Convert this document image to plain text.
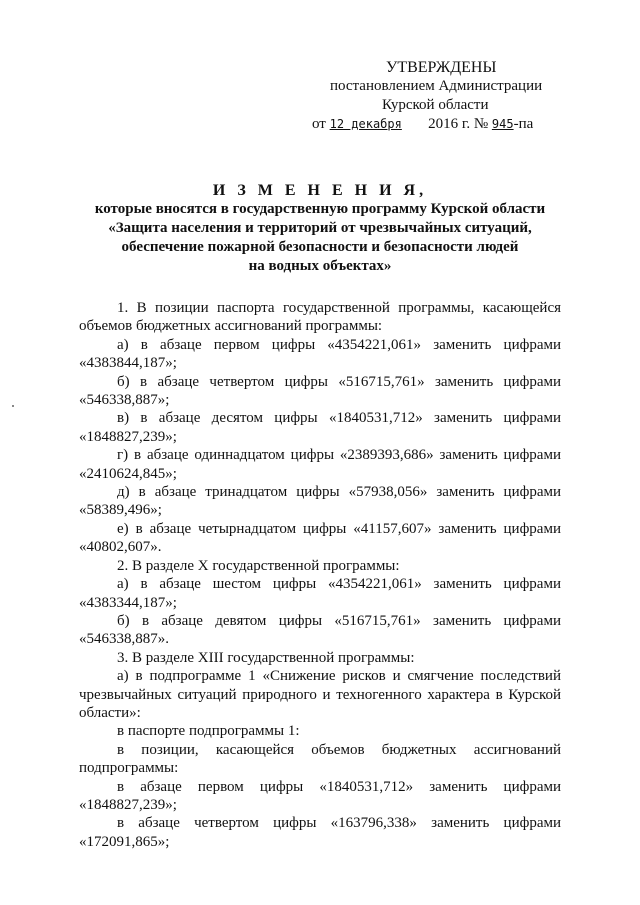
УТВЕРЖДЕНЫ
постановлением Администрации
Курской области
от 12 декабря 2016 г. № 945-па
И З М Е Н Е Н И Я,
которые вносятся в государственную программу Курской области
«Защита населения и территорий от чрезвычайных ситуаций,
обеспечение пожарной безопасности и безопасности людей
на водных объектах»

1. В позиции паспорта государственной программы, касающейся

объемов бюджетных ассигнований программы:

а) в абзаце первом цифры «4354221,061» заменить цифрами

«4383844,187»;

б) в абзаце четвертом цифры «516715,761» заменить цифрами

«546338,887»;

в) в абзаце десятом цифры «1840531,712» заменить цифрами

«1848827,239»;

г) в абзаце одиннадцатом цифры «2389393,686» заменить цифрами

«2410624,845»;

д) в абзаце тринадцатом цифры «57938,056» заменить цифрами

«58389,496»;

е) в абзаце четырнадцатом цифры «41157,607» заменить цифрами

«40802,607».

2. В разделе X государственной программы:

а) в абзаце шестом цифры «4354221,061» заменить цифрами

«4383344,187»;

б) в абзаце девятом цифры «516715,761» заменить цифрами

«546338,887».

3. В разделе XIII государственной программы:

а) в подпрограмме 1 «Снижение рисков и смягчение последствий

чрезвычайных ситуаций природного и техногенного характера в Курской

области»:

в паспорте подпрограммы 1:

в позиции, касающейся объемов бюджетных ассигнований

подпрограммы:

в абзаце первом цифры «1840531,712» заменить цифрами

«1848827,239»;

в абзаце четвертом цифры «163796,338» заменить цифрами

«172091,865»;
